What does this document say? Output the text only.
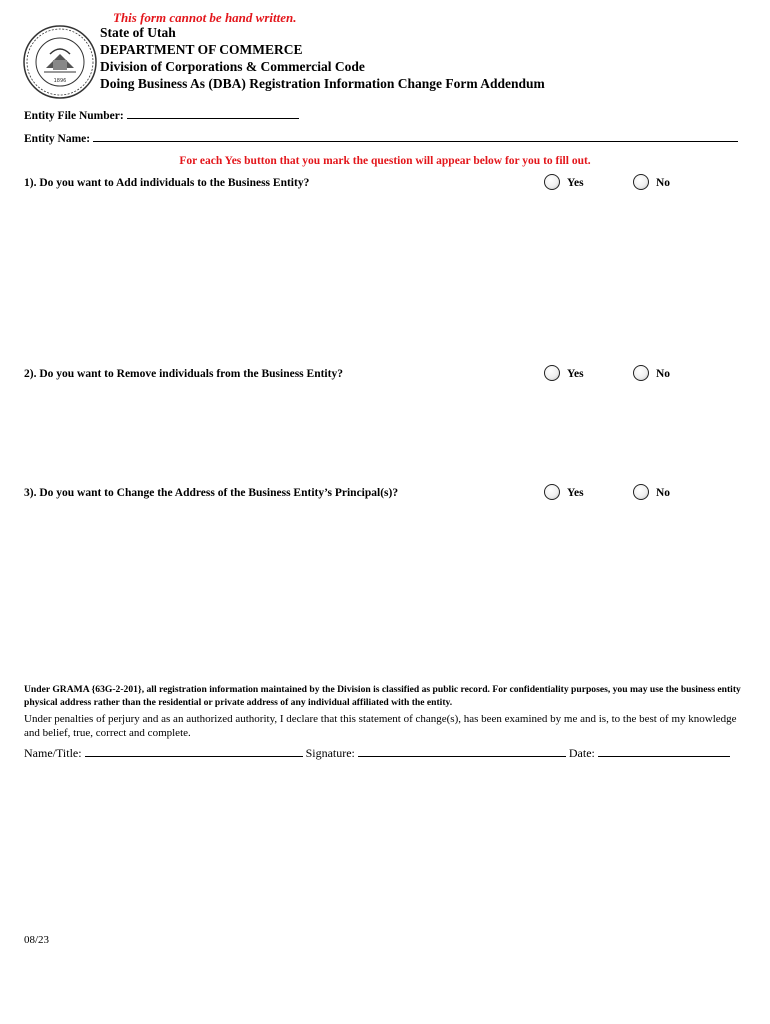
This form cannot be hand written.
1896
State of Utah
DEPARTMENT OF COMMERCE
Division of Corporations & Commercial Code
Doing Business As (DBA) Registration Information Change Form Addendum
Entity File Number:
Entity Name:
For each Yes button that you mark the question will appear below for you to fill out.
1). Do you want to Add individuals to the Business Entity?	Yes	No
2). Do you want to Remove individuals from the Business Entity?	Yes	No
3). Do you want to Change the Address of the Business Entity’s Principal(s)?	Yes	No
Under GRAMA {63G-2-201}, all registration information maintained by the Division is classified as public record. For confidentiality purposes, you may use the business entity physical address rather than the residential or private address of any individual affiliated with the entity.
Under penalties of perjury and as an authorized authority, I declare that this statement of change(s), has been examined by me and is, to the best of my knowledge and belief, true, correct and complete.
Name/Title:	Signature:	Date:
08/23
